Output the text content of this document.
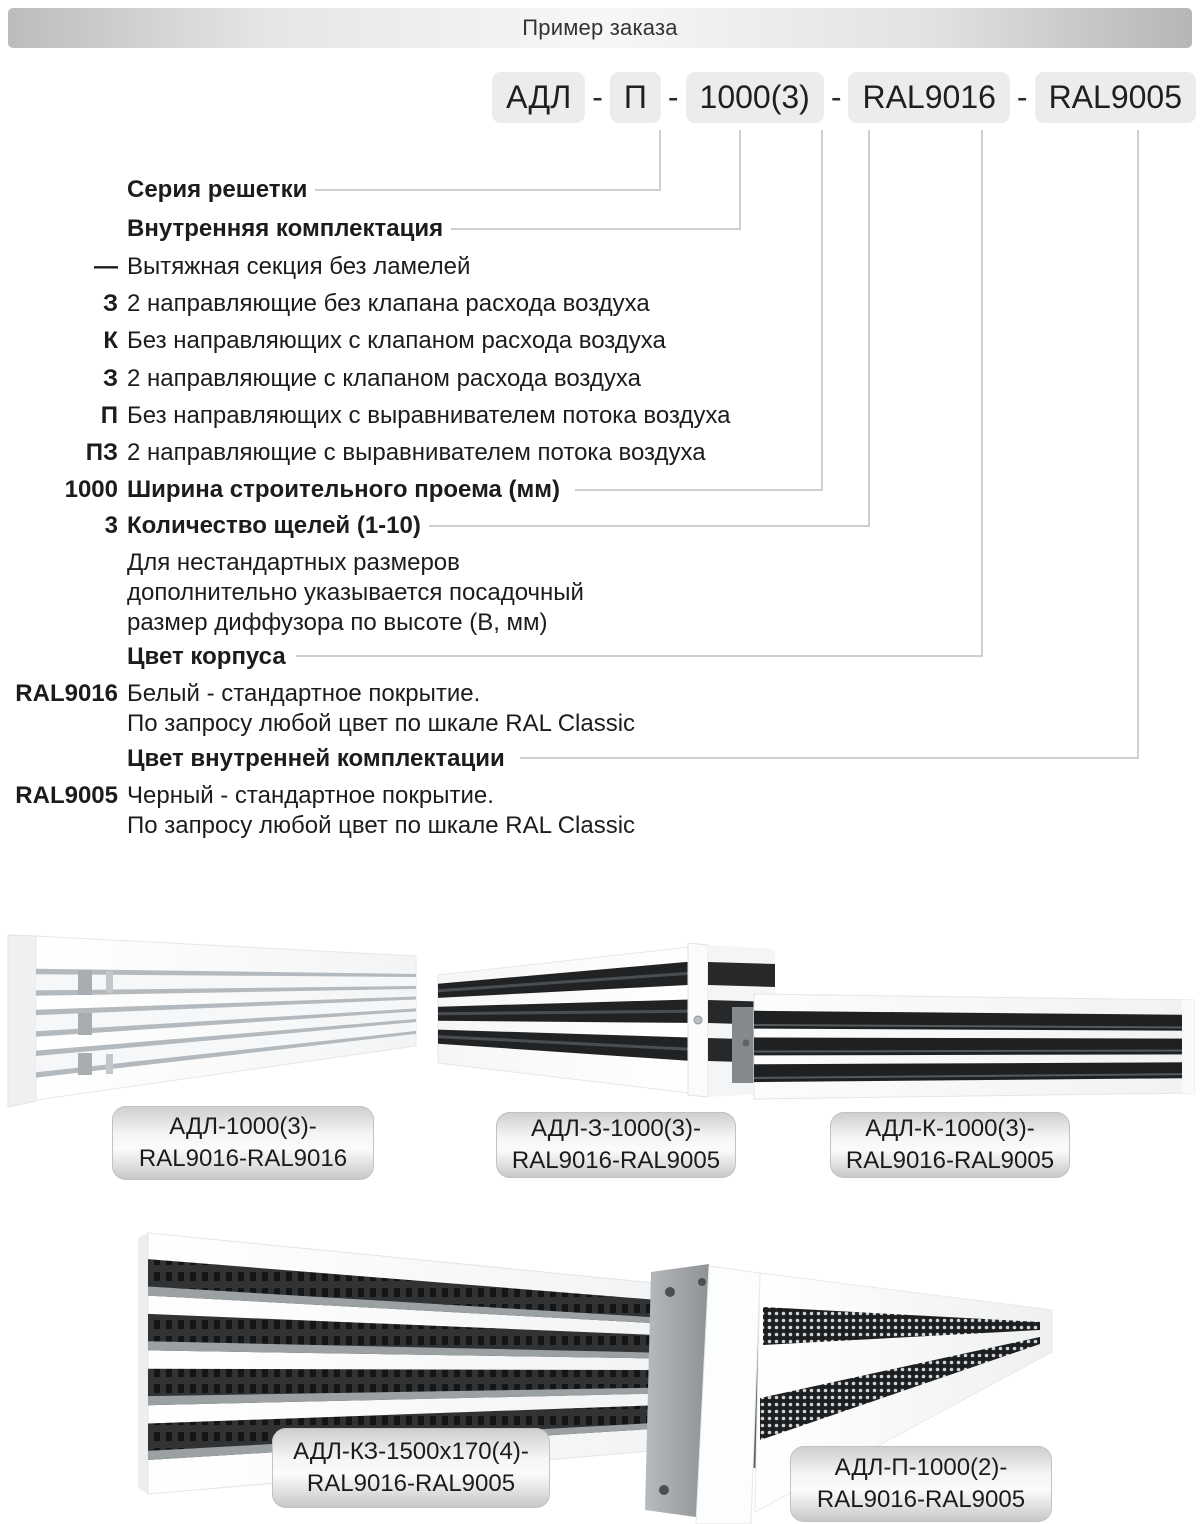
Пример заказа
АДЛ - П - 1000(3) - RAL9016 - RAL9005
Серия решетки
Внутренняя комплектация
— Вытяжная секция без ламелей
З 2 направляющие без клапана расхода воздуха
К Без направляющих с клапаном расхода воздуха
З 2 направляющие с клапаном расхода воздуха
П Без направляющих с выравнивателем потока воздуха
ПЗ 2 направляющие с выравнивателем потока воздуха
1000 Ширина строительного проема (мм)
3 Количество щелей (1-10)
Для нестандартных размеров
дополнительно указывается посадочный
размер диффузора по высоте (В, мм)
Цвет корпуса
RAL9016 Белый - стандартное покрытие.
По запросу любой цвет по шкале RAL Classic
Цвет внутренней комплектации
RAL9005 Черный - стандартное покрытие.
По запросу любой цвет по шкале RAL Classic
АДЛ-1000(3)-
RAL9016-RAL9016
АДЛ-З-1000(3)-
RAL9016-RAL9005
АДЛ-К-1000(3)-
RAL9016-RAL9005
АДЛ-КЗ-1500х170(4)-
RAL9016-RAL9005
АДЛ-П-1000(2)-
RAL9016-RAL9005
